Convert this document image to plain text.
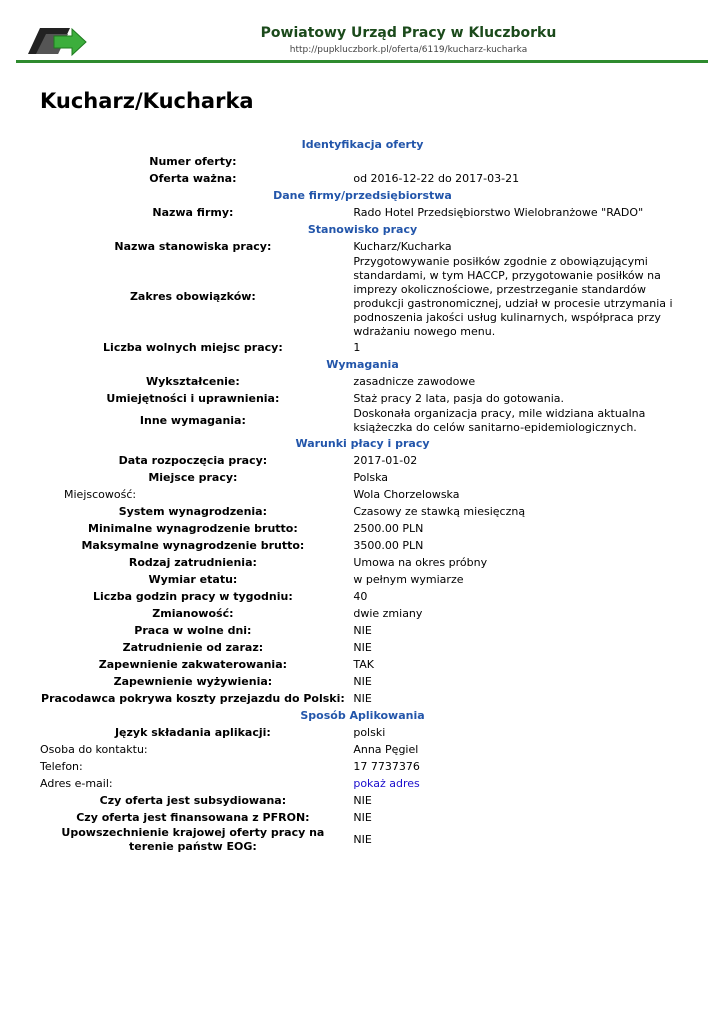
Powiatowy Urząd Pracy w Kluczborku
http://pupkluczbork.pl/oferta/6119/kucharz-kucharka
Kucharz/Kucharka
Identyfikacja oferty		
Numer oferty:		
Oferta ważna:		od 2016-12-22 do 2017-03-21
Dane firmy/przedsiębiorstwa		
Nazwa firmy:		Rado Hotel Przedsiębiorstwo Wielobranżowe "RADO"
Stanowisko pracy		
Nazwa stanowiska pracy:		Kucharz/Kucharka
Zakres obowiązków:		Przygotowywanie posiłków zgodnie z obowiązującymi standardami, w tym HACCP, przygotowanie posiłków na imprezy okolicznościowe, przestrzeganie standardów produkcji gastronomicznej, udział w procesie utrzymania i podnoszenia jakości usług kulinarnych, współpraca przy wdrażaniu nowego menu.
Liczba wolnych miejsc pracy:		1
Wymagania		
Wykształcenie:		zasadnicze zawodowe
Umiejętności i uprawnienia:		Staż pracy 2 lata, pasja do gotowania.
Inne wymagania:		Doskonała organizacja pracy, mile widziana aktualna książeczka do celów sanitarno-epidemiologicznych.
Warunki płacy i pracy		
Data rozpoczęcia pracy:		2017-01-02
Miejsce pracy:		Polska
Miejscowość:		Wola Chorzelowska
System wynagrodzenia:		Czasowy ze stawką miesięczną
Minimalne wynagrodzenie brutto:		2500.00 PLN
Maksymalne wynagrodzenie brutto:		3500.00 PLN
Rodzaj zatrudnienia:		Umowa na okres próbny
Wymiar etatu:		w pełnym wymiarze
Liczba godzin pracy w tygodniu:		40
Zmianowość:		dwie zmiany
Praca w wolne dni:		NIE
Zatrudnienie od zaraz:		NIE
Zapewnienie zakwaterowania:		TAK
Zapewnienie wyżywienia:		NIE
Pracodawca pokrywa koszty przejazdu do Polski:		NIE
Sposób Aplikowania		
Język składania aplikacji:		polski
Osoba do kontaktu:		Anna Pęgiel
Telefon:		17 7737376
Adres e-mail:		pokaż adres
Czy oferta jest subsydiowana:		NIE
Czy oferta jest finansowana z PFRON:		NIE
Upowszechnienie krajowej oferty pracy na terenie państw EOG:		NIE
